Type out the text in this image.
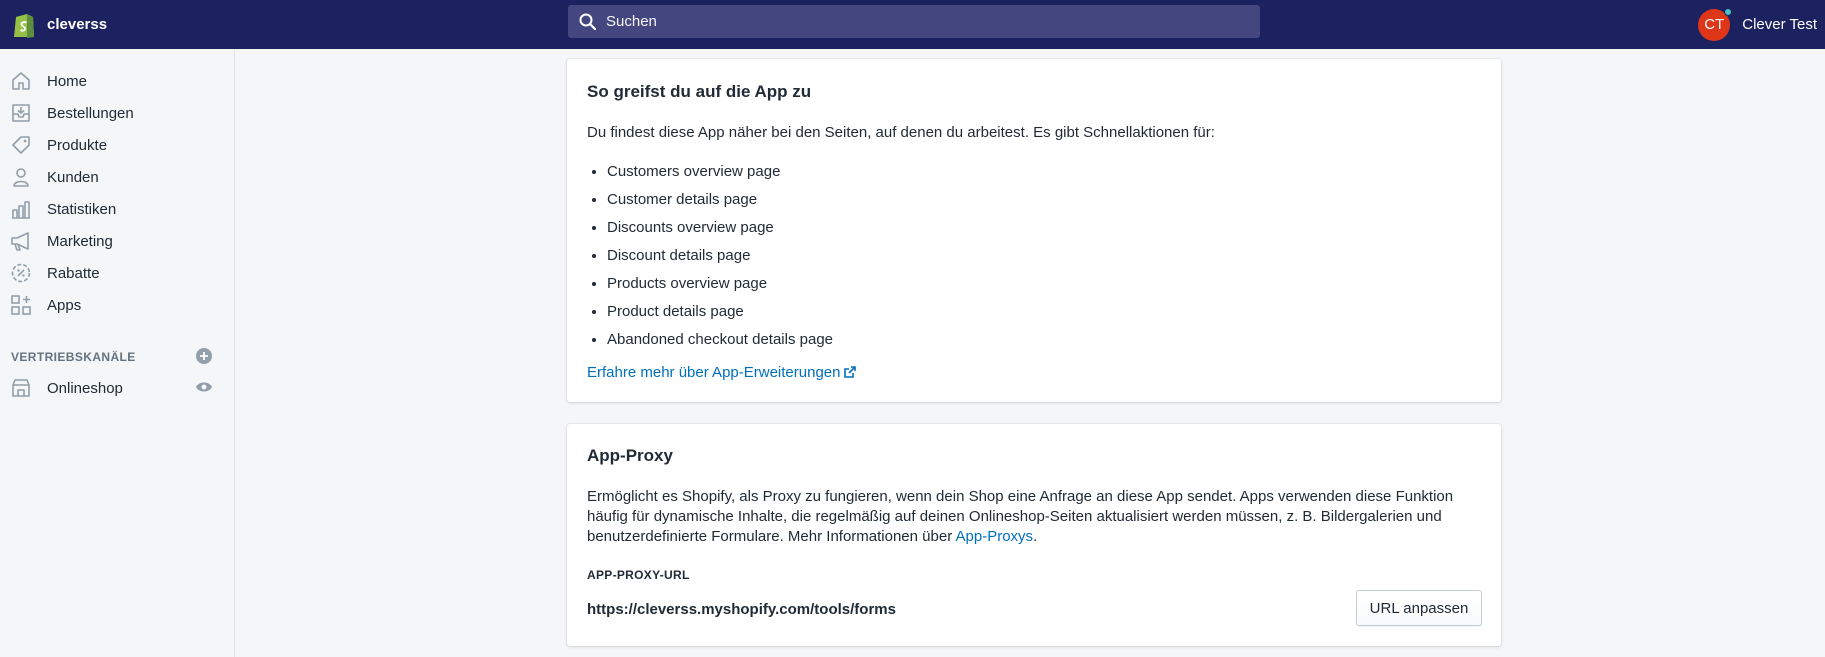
cleverss	Suchen	CT Clever Test
Home
Bestellungen
Produkte
Kunden
Statistiken
Marketing
Rabatte
Apps
VERTRIEBSKANÄLE
Onlineshop
So greifst du auf die App zu
Du findest diese App näher bei den Seiten, auf denen du arbeitest. Es gibt Schnellaktionen für:
• Customers overview page
• Customer details page
• Discounts overview page
• Discount details page
• Products overview page
• Product details page
• Abandoned checkout details page
Erfahre mehr über App-Erweiterungen
App-Proxy

Ermöglicht es Shopify, als Proxy zu fungieren, wenn dein Shop eine Anfrage an diese App sendet. Apps verwenden diese Funktion häufig für dynamische Inhalte, die regelmäßig auf deinen Onlineshop-Seiten aktualisiert werden müssen, z. B. Bildergalerien und benutzerdefinierte Formulare. Mehr Informationen über App-Proxys.

APP-PROXY-URL
https://cleverss.myshopify.com/tools/forms	URL anpassen
